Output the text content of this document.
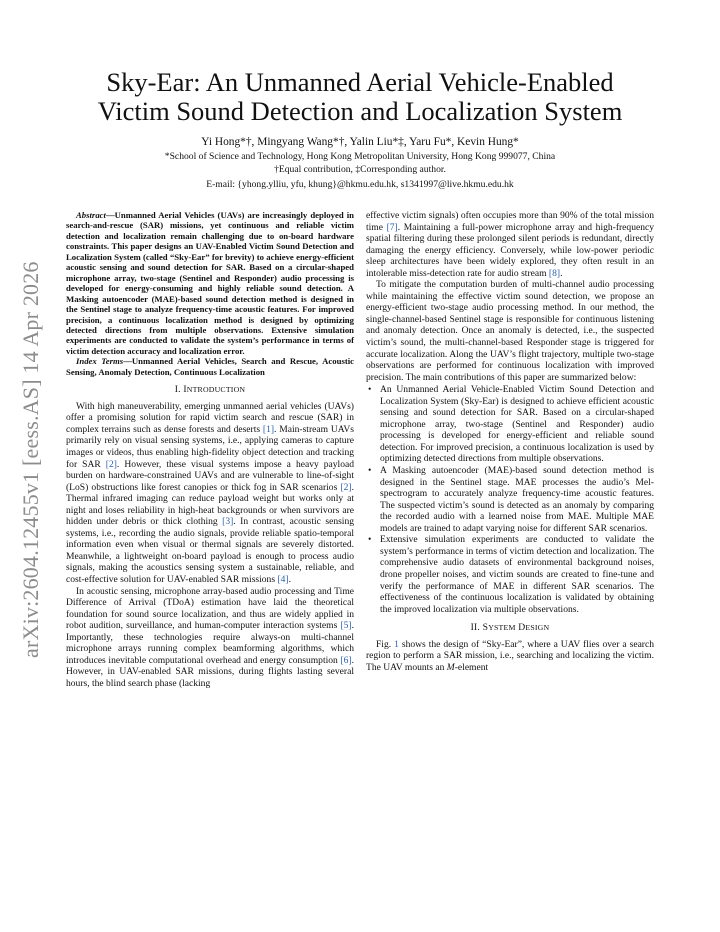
arXiv:2604.12455v1 [eess.AS] 14 Apr 2026
Sky-Ear: An Unmanned Aerial Vehicle-Enabled
Victim Sound Detection and Localization System
Yi Hong*†, Mingyang Wang*†, Yalin Liu*‡, Yaru Fu*, Kevin Hung*
*School of Science and Technology, Hong Kong Metropolitan University, Hong Kong 999077, China
†Equal contribution, ‡Corresponding author.
E-mail: {yhong.ylliu, yfu, khung}@hkmu.edu.hk, s1341997@live.hkmu.edu.hk

Abstract—Unmanned Aerial Vehicles (UAVs) are increasingly deployed in search-and-rescue (SAR) missions, yet continuous and reliable victim detection and localization remain challenging due to on-board hardware constraints. This paper designs an UAV-Enabled Victim Sound Detection and Localization System (called “Sky-Ear” for brevity) to achieve energy-efficient acoustic sensing and sound detection for SAR. Based on a circular-shaped microphone array, two-stage (Sentinel and Responder) audio processing is developed for energy-consuming and highly reliable sound detection. A Masking autoencoder (MAE)-based sound detection method is designed in the Sentinel stage to analyze frequency-time acoustic features. For improved precision, a continuous localization method is designed by optimizing detected directions from multiple observations. Extensive simulation experiments are conducted to validate the system’s performance in terms of victim detection accuracy and localization error.

Index Terms—Unmanned Aerial Vehicles, Search and Rescue, Acoustic Sensing, Anomaly Detection, Continuous Localization

I. INTRODUCTION

With high maneuverability, emerging unmanned aerial vehicles (UAVs) offer a promising solution for rapid victim search and rescue (SAR) in complex terrains such as dense forests and deserts [1]. Main-stream UAVs primarily rely on visual sensing systems, i.e., applying cameras to capture images or videos, thus enabling high-fidelity object detection and tracking for SAR [2]. However, these visual systems impose a heavy payload burden on hardware-constrained UAVs and are vulnerable to line-of-sight (LoS) obstructions like forest canopies or thick fog in SAR scenarios [2]. Thermal infrared imaging can reduce payload weight but works only at night and loses reliability in high-heat backgrounds or when survivors are hidden under debris or thick clothing [3]. In contrast, acoustic sensing systems, i.e., recording the audio signals, provide reliable spatio-temporal information even when visual or thermal signals are severely distorted. Meanwhile, a lightweight on-board payload is enough to process audio signals, making the acoustics sensing system a sustainable, reliable, and cost-effective solution for UAV-enabled SAR missions [4].

In acoustic sensing, microphone array-based audio processing and Time Difference of Arrival (TDoA) estimation have laid the theoretical foundation for sound source localization, and thus are widely applied in robot audition, surveillance, and human-computer interaction systems [5]. Importantly, these technologies require always-on multi-channel microphone arrays running complex beamforming algorithms, which introduces inevitable computational overhead and energy consumption [6]. However, in UAV-enabled SAR missions, during flights lasting several hours, the blind search phase (lacking

effective victim signals) often occupies more than 90% of the total mission time [7]. Maintaining a full-power microphone array and high-frequency spatial filtering during these prolonged silent periods is redundant, directly damaging the energy efficiency. Conversely, while low-power periodic sleep architectures have been widely explored, they often result in an intolerable miss-detection rate for audio stream [8].

To mitigate the computation burden of multi-channel audio processing while maintaining the effective victim sound detection, we propose an energy-efficient two-stage audio processing method. In our method, the single-channel-based Sentinel stage is responsible for continuous listening and anomaly detection. Once an anomaly is detected, i.e., the suspected victim’s sound, the multi-channel-based Responder stage is triggered for accurate localization. Along the UAV’s flight trajectory, multiple two-stage observations are performed for continuous localization with improved precision. The main contributions of this paper are summarized below:

• An Unmanned Aerial Vehicle-Enabled Victim Sound Detection and Localization System (Sky-Ear) is designed to achieve efficient acoustic sensing and sound detection for SAR. Based on a circular-shaped microphone array, two-stage (Sentinel and Responder) audio processing is developed for energy-efficient and reliable sound detection. For improved precision, a continuous localization is used by optimizing detected directions from multiple observations.
• A Masking autoencoder (MAE)-based sound detection method is designed in the Sentinel stage. MAE processes the audio’s Mel-spectrogram to accurately analyze frequency-time acoustic features. The suspected victim’s sound is detected as an anomaly by comparing the recorded audio with a learned noise from MAE. Multiple MAE models are trained to adapt varying noise for different SAR scenarios.
• Extensive simulation experiments are conducted to validate the system’s performance in terms of victim detection and localization. The comprehensive audio datasets of environmental background noises, drone propeller noises, and victim sounds are created to fine-tune and verify the performance of MAE in different SAR scenarios. The effectiveness of the continuous localization is validated by obtaining the improved localization via multiple observations.
II. SYSTEM DESIGN

Fig. 1 shows the design of “Sky-Ear”, where a UAV flies over a search region to perform a SAR mission, i.e., searching and localizing the victim. The UAV mounts an M-element
